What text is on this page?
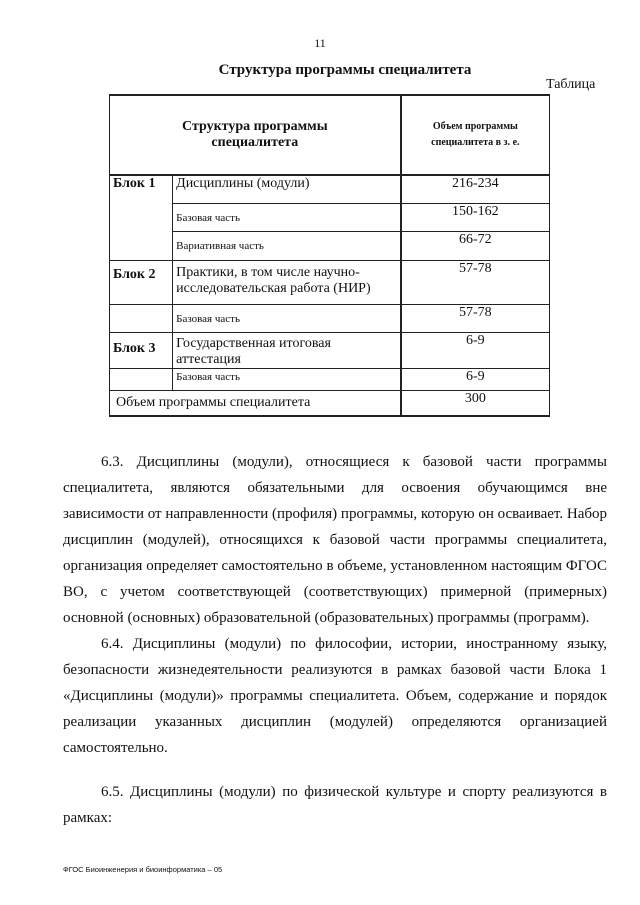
11
Структура программы специалитета
Таблица
Структура программы специалитета		Объем программы специалитета в з. е.
Блок 1	Дисциплины (модули)	216-234
	Базовая часть	150-162
	Вариативная часть	66-72
Блок 2	Практики, в том числе научно-исследовательская работа (НИР)	57-78
	Базовая часть	57-78
Блок 3	Государственная итоговая аттестация	6-9
	Базовая часть	6-9
Объем программы специалитета		300

6.3. Дисциплины (модули), относящиеся к базовой части программы специалитета, являются обязательными для освоения обучающимся вне зависимости от направленности (профиля) программы, которую он осваивает. Набор дисциплин (модулей), относящихся к базовой части программы специалитета, организация определяет самостоятельно в объеме, установленном настоящим ФГОС ВО, с учетом соответствующей (соответствующих) примерной (примерных) основной (основных) образовательной (образовательных) программы (программ).

6.4. Дисциплины (модули) по философии, истории, иностранному языку, безопасности жизнедеятельности реализуются в рамках базовой части Блока 1 «Дисциплины (модули)» программы специалитета. Объем, содержание и порядок реализации указанных дисциплин (модулей) определяются организацией самостоятельно.

6.5. Дисциплины (модули) по физической культуре и спорту реализуются в рамках:

ФГОС Биоинженерия и биоинформатика – 05
